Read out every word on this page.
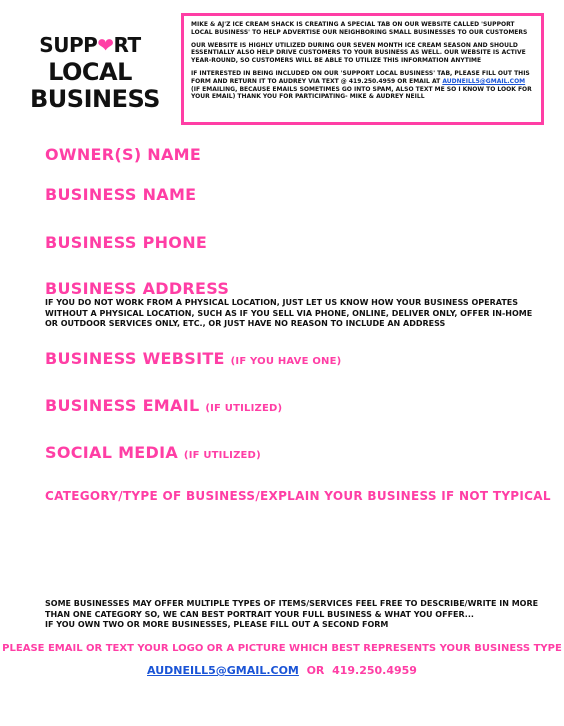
SUPP❤RT
LOCAL
BUSINESS

MIKE & AJ'Z ICE CREAM SHACK IS CREATING A SPECIAL TAB ON OUR WEBSITE CALLED 'SUPPORT LOCAL BUSINESS' TO HELP ADVERTISE OUR NEIGHBORING SMALL BUSINESSES TO OUR CUSTOMERS

OUR WEBSITE IS HIGHLY UTILIZED DURING OUR SEVEN MONTH ICE CREAM SEASON AND SHOULD ESSENTIALLY ALSO HELP DRIVE CUSTOMERS TO YOUR BUSINESS AS WELL. OUR WEBSITE IS ACTIVE YEAR-ROUND, SO CUSTOMERS WILL BE ABLE TO UTILIZE THIS INFORMATION ANYTIME

IF INTERESTED IN BEING INCLUDED ON OUR 'SUPPORT LOCAL BUSINESS' TAB, PLEASE FILL OUT THIS FORM AND RETURN IT TO AUDREY VIA TEXT @ 419.250.4959 OR EMAIL AT AUDNEILL5@GMAIL.COM
(IF EMAILING, BECAUSE EMAILS SOMETIMES GO INTO SPAM, ALSO TEXT ME SO I KNOW TO LOOK FOR YOUR EMAIL) THANK YOU FOR PARTICIPATING- MIKE & AUDREY NEILL

OWNER(S) NAME
BUSINESS NAME
BUSINESS PHONE
BUSINESS ADDRESS
IF YOU DO NOT WORK FROM A PHYSICAL LOCATION, JUST LET US KNOW HOW YOUR BUSINESS OPERATES WITHOUT A PHYSICAL LOCATION, SUCH AS IF YOU SELL VIA PHONE, ONLINE, DELIVER ONLY, OFFER IN-HOME OR OUTDOOR SERVICES ONLY, ETC., OR JUST HAVE NO REASON TO INCLUDE AN ADDRESS
BUSINESS WEBSITE (IF YOU HAVE ONE)
BUSINESS EMAIL (IF UTILIZED)
SOCIAL MEDIA (IF UTILIZED)
CATEGORY/TYPE OF BUSINESS/EXPLAIN YOUR BUSINESS IF NOT TYPICAL
SOME BUSINESSES MAY OFFER MULTIPLE TYPES OF ITEMS/SERVICES FEEL FREE TO DESCRIBE/WRITE IN MORE THAN ONE CATEGORY SO, WE CAN BEST PORTRAIT YOUR FULL BUSINESS & WHAT YOU OFFER...
IF YOU OWN TWO OR MORE BUSINESSES, PLEASE FILL OUT A SECOND FORM
PLEASE EMAIL OR TEXT YOUR LOGO OR A PICTURE WHICH BEST REPRESENTS YOUR BUSINESS TYPE
AUDNEILL5@GMAIL.COM OR 419.250.4959
